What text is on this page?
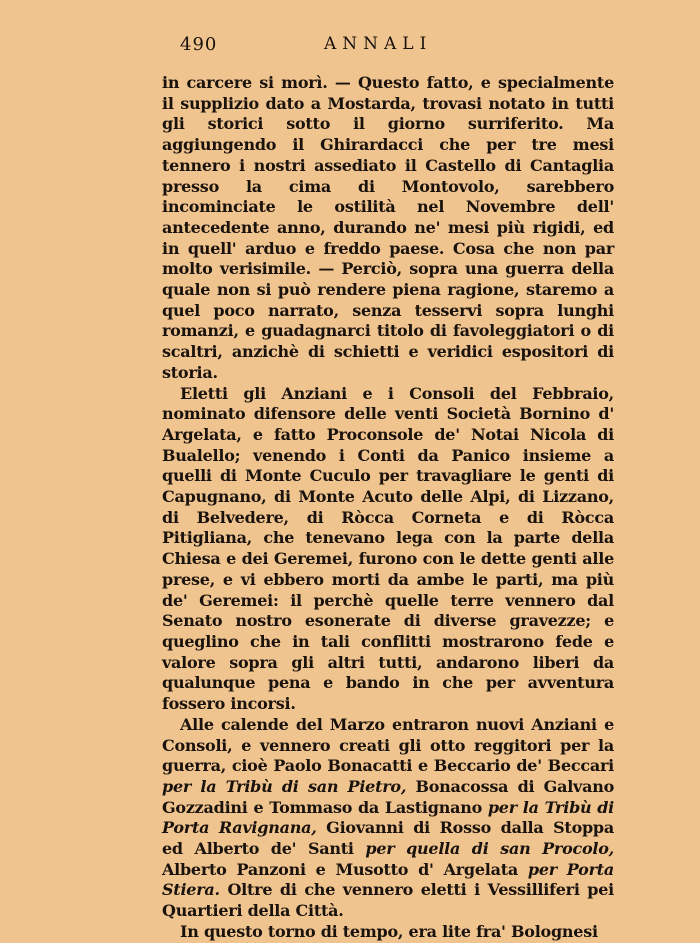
490	ANNALI

in carcere si morì. — Questo fatto, e specialmente il supplizio dato a Mostarda, trovasi notato in tutti gli storici sotto il giorno surriferito. Ma aggiungendo il Ghirardacci che per tre mesi tennero i nostri assediato il Castello di Cantaglia presso la cima di Montovolo, sarebbero incominciate le ostilità nel Novembre dell' antecedente anno, durando ne' mesi più rigidi, ed in quell' arduo e freddo paese. Cosa che non par molto verisimile. — Perciò, sopra una guerra della quale non si può rendere piena ragione, staremo a quel poco narrato, senza tesservi sopra lunghi romanzi, e guadagnarci titolo di favoleggiatori o di scaltri, anzichè di schietti e veridici espositori di storia.

Eletti gli Anziani e i Consoli del Febbraio, nominato difensore delle venti Società Bornino d' Argelata, e fatto Proconsole de' Notai Nicola di Bualello; venendo i Conti da Panico insieme a quelli di Monte Cuculo per travagliare le genti di Capugnano, di Monte Acuto delle Alpi, di Lizzano, di Belvedere, di Ròcca Corneta e di Ròcca Pitigliana, che tenevano lega con la parte della Chiesa e dei Geremei, furono con le dette genti alle prese, e vi ebbero morti da ambe le parti, ma più de' Geremei: il perchè quelle terre vennero dal Senato nostro esonerate di diverse gravezze; e queglino che in tali conflitti mostrarono fede e valore sopra gli altri tutti, andarono liberi da qualunque pena e bando in che per avventura fossero incorsi.

Alle calende del Marzo entraron nuovi Anziani e Consoli, e vennero creati gli otto reggitori per la guerra, cioè Paolo Bonacatti e Beccario de' Beccari per la Tribù di san Pietro, Bonacossa di Galvano Gozzadini e Tommaso da Lastignano per la Tribù di Porta Ravignana, Giovanni di Rosso dalla Stoppa ed Alberto de' Santi per quella di san Procolo, Alberto Panzoni e Musotto d' Argelata per Porta Stiera. Oltre di che vennero eletti i Vessilliferi pei Quartieri della Città.

In questo torno di tempo, era lite fra' Bolognesi
